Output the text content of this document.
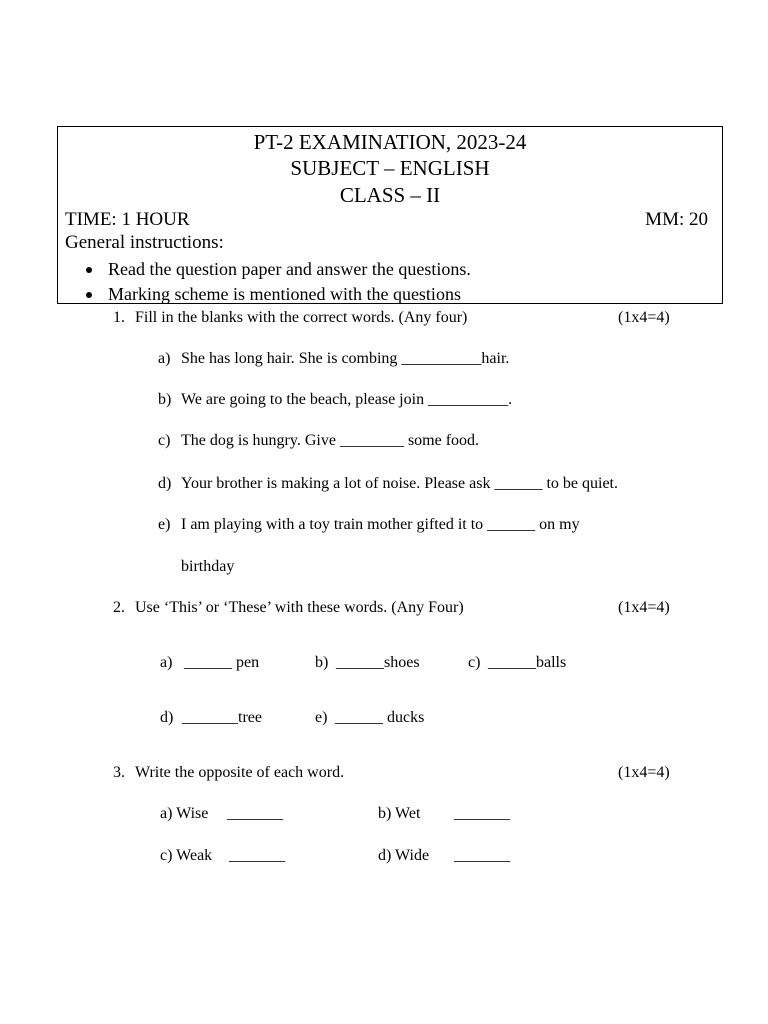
PT-2 EXAMINATION, 2023-24
SUBJECT – ENGLISH
CLASS – II
TIME: 1 HOUR	MM: 20
General instructions:
Read the question paper and answer the questions.
Marking scheme is mentioned with the questions
1. Fill in the blanks with the correct words. (Any four)	(1x4=4)
a) She has long hair. She is combing __________hair.
b) We are going to the beach, please join __________.
c) The dog is hungry. Give ________ some food.
d) Your brother is making a lot of noise. Please ask ______ to be quiet.
e) I am playing with a toy train mother gifted it to ______ on my
birthday
2. Use ‘This’ or ‘These’ with these words. (Any Four)	(1x4=4)
a) ______ pen	b) ______shoes	c) ______balls
d) _______tree	e) ______ ducks
3. Write the opposite of each word.	(1x4=4)
a) Wise _______	b) Wet _______
c) Weak _______	d) Wide _______
